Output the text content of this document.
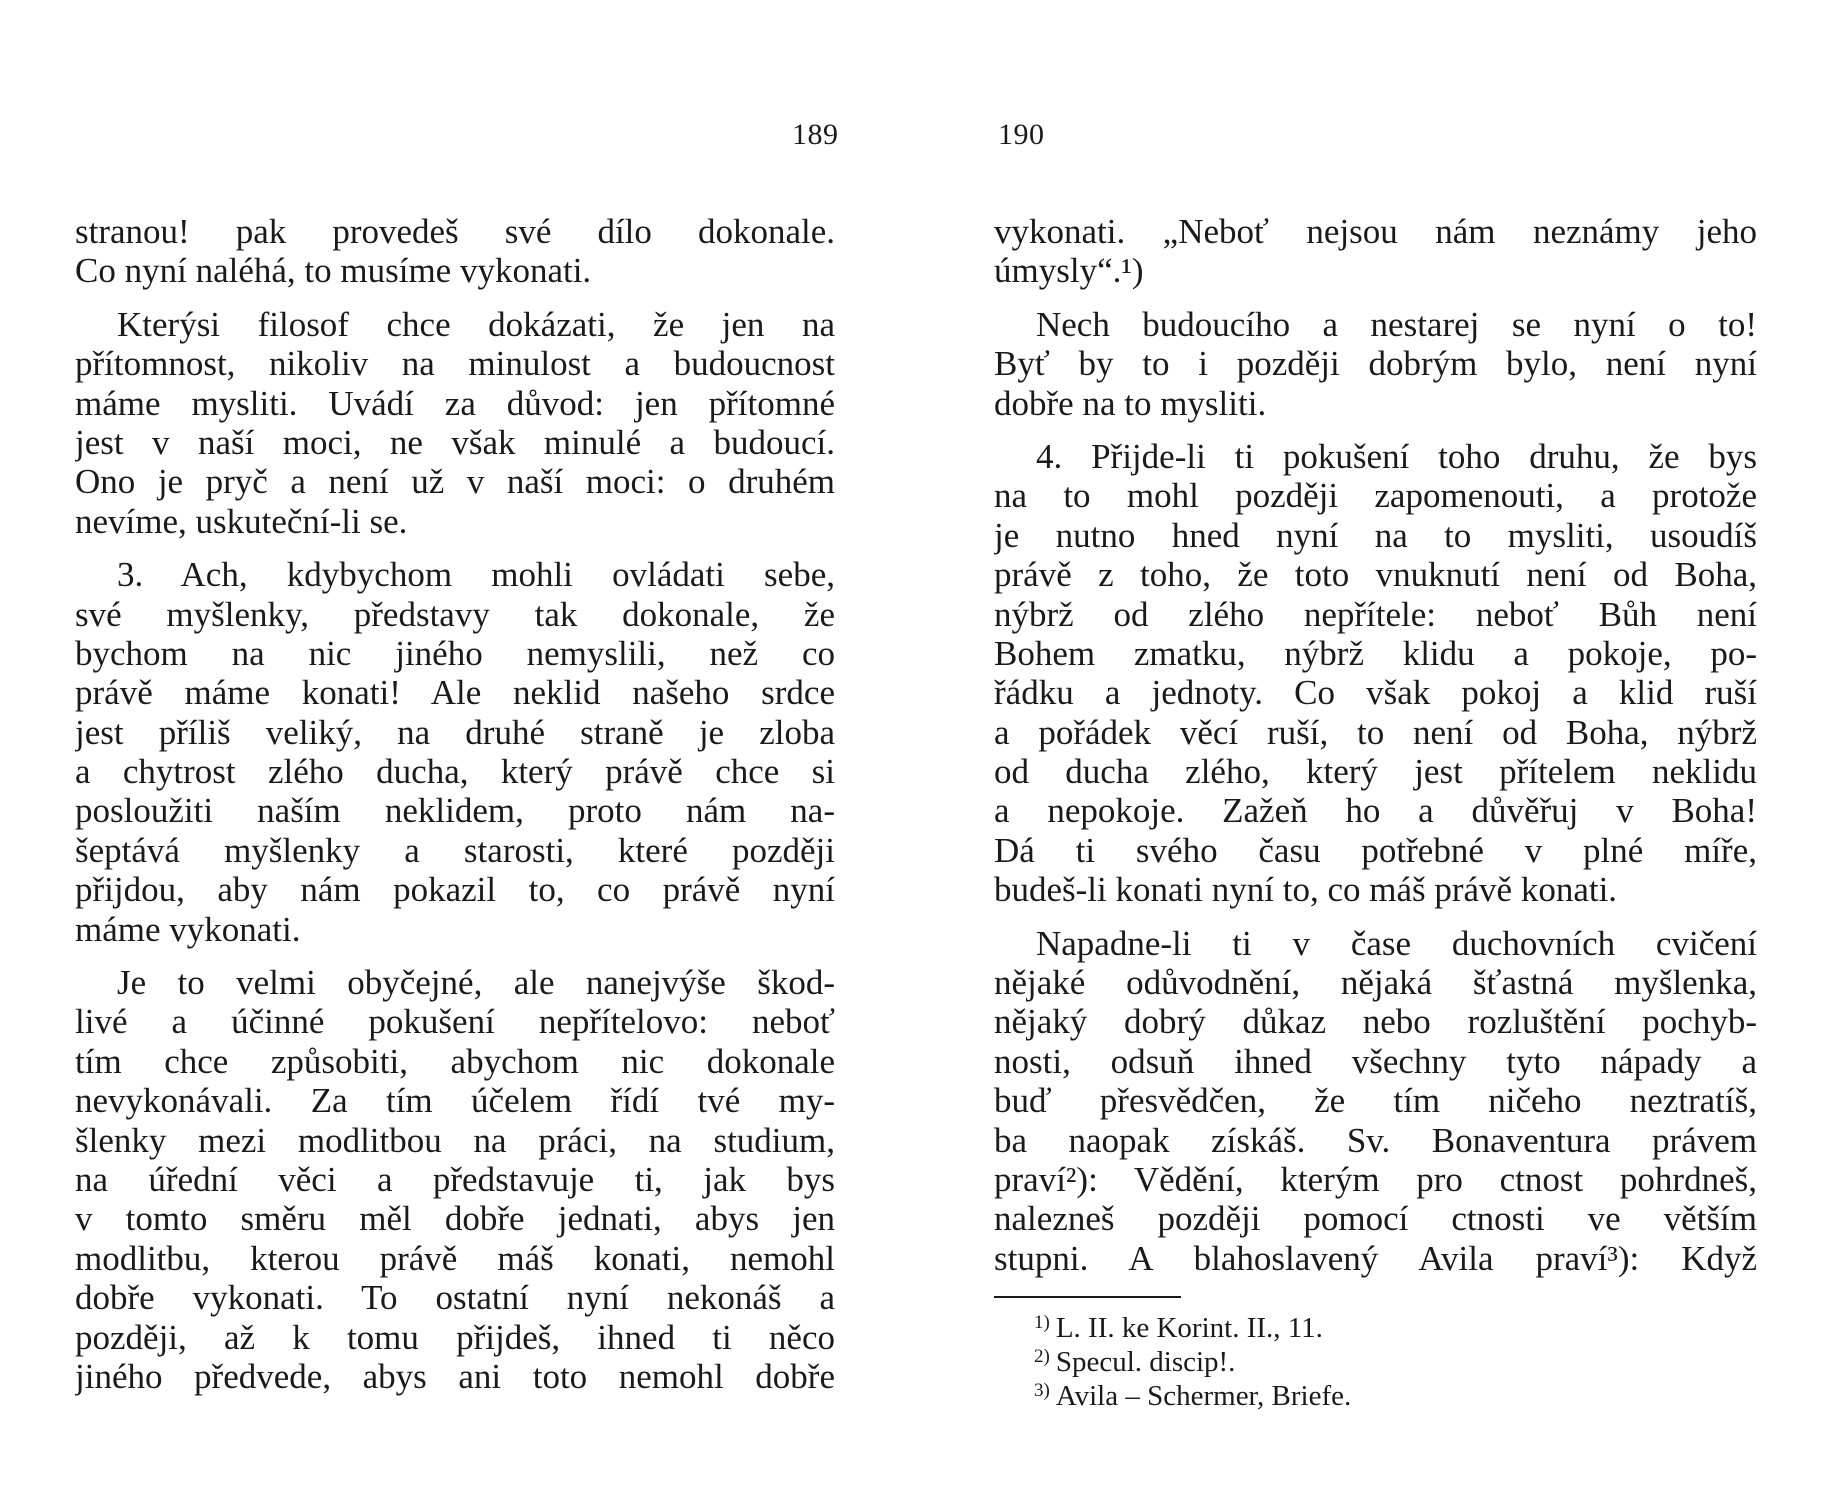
189
stranou! pak provedeš své dílo dokonale.
Co nyní naléhá, to musíme vykonati.
Kterýsi filosof chce dokázati, že jen na
přítomnost, nikoliv na minulost a budoucnost
máme mysliti. Uvádí za důvod: jen přítomné
jest v naší moci, ne však minulé a budoucí.
Ono je pryč a není už v naší moci: o druhém
nevíme, uskuteční-li se.
3. Ach, kdybychom mohli ovládati sebe,
své myšlenky, představy tak dokonale, že
bychom na nic jiného nemyslili, než co
právě máme konati! Ale neklid našeho srdce
jest příliš veliký, na druhé straně je zloba
a chytrost zlého ducha, který právě chce si
posloužiti naším neklidem, proto nám na-
šeptává myšlenky a starosti, které později
přijdou, aby nám pokazil to, co právě nyní
máme vykonati.
Je to velmi obyčejné, ale nanejvýše škod-
livé a účinné pokušení nepřítelovo: neboť
tím chce způsobiti, abychom nic dokonale
nevykonávali. Za tím účelem řídí tvé my-
šlenky mezi modlitbou na práci, na studium,
na úřední věci a představuje ti, jak bys
v tomto směru měl dobře jednati, abys jen
modlitbu, kterou právě máš konati, nemohl
dobře vykonati. To ostatní nyní nekonáš a
později, až k tomu přijdeš, ihned ti něco
jiného předvede, abys ani toto nemohl dobře
190
vykonati. „Neboť nejsou nám neznámy jeho
úmysly“.¹)
Nech budoucího a nestarej se nyní o to!
Byť by to i později dobrým bylo, není nyní
dobře na to mysliti.
4. Přijde-li ti pokušení toho druhu, že bys
na to mohl později zapomenouti, a protože
je nutno hned nyní na to mysliti, usoudíš
právě z toho, že toto vnuknutí není od Boha,
nýbrž od zlého nepřítele: neboť Bůh není
Bohem zmatku, nýbrž klidu a pokoje, po-
řádku a jednoty. Co však pokoj a klid ruší
a pořádek věcí ruší, to není od Boha, nýbrž
od ducha zlého, který jest přítelem neklidu
a nepokoje. Zažeň ho a důvěřuj v Boha!
Dá ti svého času potřebné v plné míře,
budeš-li konati nyní to, co máš právě konati.
Napadne-li ti v čase duchovních cvičení
nějaké odůvodnění, nějaká šťastná myšlenka,
nějaký dobrý důkaz nebo rozluštění pochyb-
nosti, odsuň ihned všechny tyto nápady a
buď přesvědčen, že tím ničeho neztratíš,
ba naopak získáš. Sv. Bonaventura právem
praví²): Vědění, kterým pro ctnost pohrdneš,
nalezneš později pomocí ctnosti ve větším
stupni. A blahoslavený Avila praví³): Když
$^{1)}$ L. II. ke Korint. II., 11.
$^{2)}$ Specul. discip!.
$^{3)}$ Avila – Schermer, Briefe.
